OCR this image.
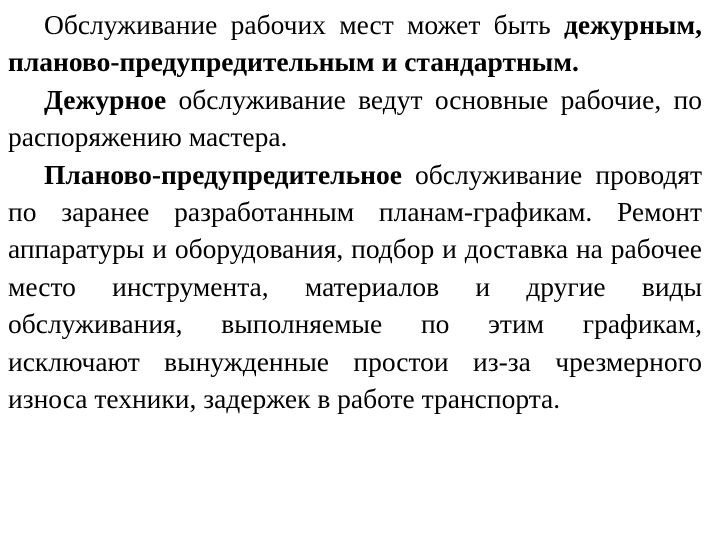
Обслуживание рабочих мест может быть дежурным, планово-предупредительным и стандартным.

Дежурное обслуживание ведут основные рабочие, по распоряжению мастера.

Планово-предупредительное обслуживание проводят по заранее разработанным планам-графикам. Ремонт аппаратуры и оборудования, подбор и доставка на рабочее место инструмента, материалов и другие виды обслуживания, выполняемые по этим графикам, исключают вынужденные простои из-за чрезмерного износа техники, задержек в работе транспорта.
